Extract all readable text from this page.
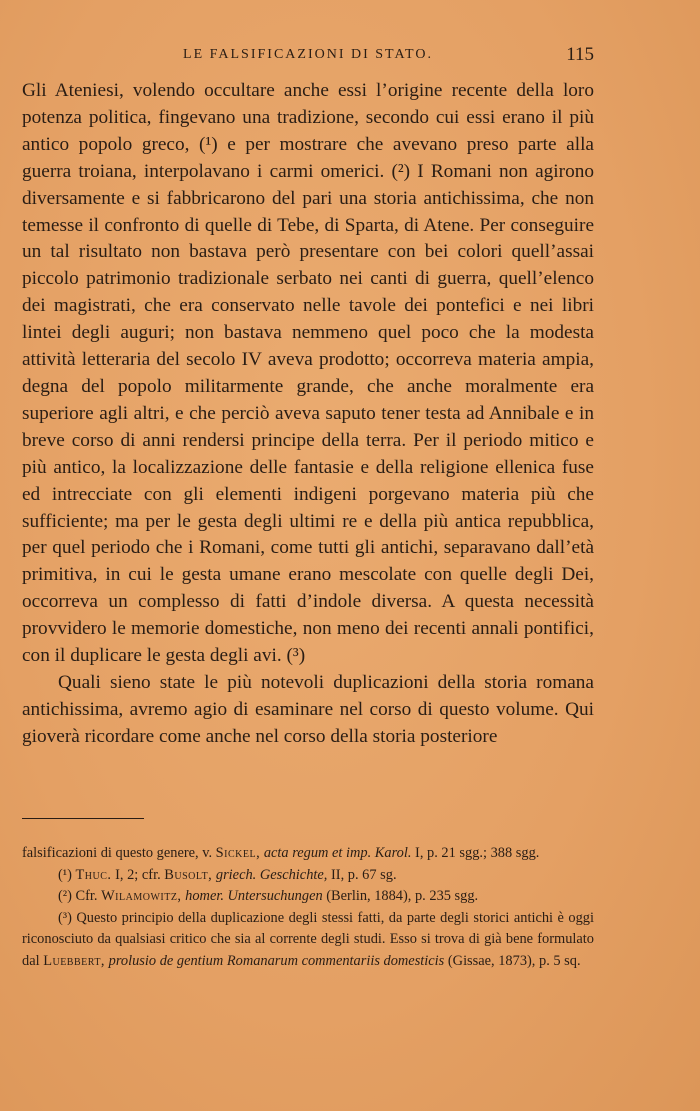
LE FALSIFICAZIONI DI STATO.	115

Gli Ateniesi, volendo occultare anche essi l’origine recente della loro potenza politica, fingevano una tradizione, secondo cui essi erano il più antico popolo greco, (¹) e per mostrare che avevano preso parte alla guerra troiana, interpolavano i carmi omerici. (²) I Romani non agirono diversamente e si fabbricarono del pari una storia antichissima, che non temesse il confronto di quelle di Tebe, di Sparta, di Atene. Per conseguire un tal risultato non bastava però presentare con bei colori quell’assai piccolo patrimonio tradizionale serbato nei canti di guerra, quell’elenco dei magistrati, che era conservato nelle tavole dei pontefici e nei libri lintei degli auguri; non bastava nemmeno quel poco che la modesta attività letteraria del secolo IV aveva prodotto; occorreva materia ampia, degna del popolo militarmente grande, che anche moralmente era superiore agli altri, e che perciò aveva saputo tener testa ad Annibale e in breve corso di anni rendersi principe della terra. Per il periodo mitico e più antico, la localizzazione delle fantasie e della religione ellenica fuse ed intrecciate con gli elementi indigeni porgevano materia più che sufficiente; ma per le gesta degli ultimi re e della più antica repubblica, per quel periodo che i Romani, come tutti gli antichi, separavano dall’età primitiva, in cui le gesta umane erano mescolate con quelle degli Dei, occorreva un complesso di fatti d’indole diversa. A questa necessità provvidero le memorie domestiche, non meno dei recenti annali pontifici, con il duplicare le gesta degli avi. (³)

Quali sieno state le più notevoli duplicazioni della storia romana antichissima, avremo agio di esaminare nel corso di questo volume. Qui gioverà ricordare come anche nel corso della storia posteriore

falsificazioni di questo genere, v. Sickel, acta regum et imp. Karol. I, p. 21 sgg.; 388 sgg.

(¹) Thuc. I, 2; cfr. Busolt, griech. Geschichte, II, p. 67 sg.

(²) Cfr. Wilamowitz, homer. Untersuchungen (Berlin, 1884), p. 235 sgg.

(³) Questo principio della duplicazione degli stessi fatti, da parte degli storici antichi è oggi riconosciuto da qualsiasi critico che sia al corrente degli studi. Esso si trova di già bene formulato dal Luebbert, prolusio de gentium Romanarum commentariis domesticis (Gissae, 1873), p. 5 sq.
